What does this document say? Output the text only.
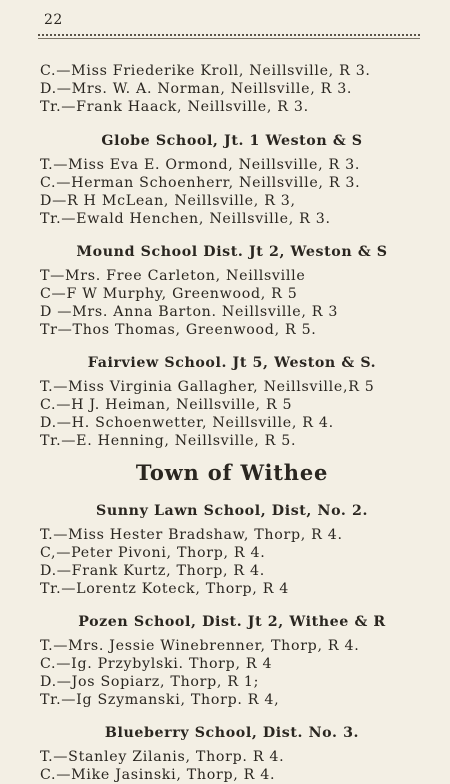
22
C.—Miss Friederike Kroll, Neillsville, R 3.
D.—Mrs. W. A. Norman, Neillsville, R 3.
Tr.—Frank Haack, Neillsville, R 3.
Globe School, Jt. 1 Weston & S
T.—Miss Eva E. Ormond, Neillsville, R 3.
C.—Herman Schoenherr, Neillsville, R 3.
D—R H McLean, Neillsville, R 3,
Tr.—Ewald Henchen, Neillsville, R 3.
Mound School Dist. Jt 2, Weston & S
T—Mrs. Free Carleton, Neillsville
C—F W Murphy, Greenwood, R 5
D —Mrs. Anna Barton. Neillsville, R 3
Tr—Thos Thomas, Greenwood, R 5.
Fairview School. Jt 5, Weston & S.
T.—Miss Virginia Gallagher, Neillsville,R 5
C.—H J. Heiman, Neillsville, R 5
D.—H. Schoenwetter, Neillsville, R 4.
Tr.—E. Henning, Neillsville, R 5.
Town of Withee
Sunny Lawn School, Dist, No. 2.
T.—Miss Hester Bradshaw, Thorp, R 4.
C,—Peter Pivoni, Thorp, R 4.
D.—Frank Kurtz, Thorp, R 4.
Tr.—Lorentz Koteck, Thorp, R 4
Pozen School, Dist. Jt 2, Withee & R
T.—Mrs. Jessie Winebrenner, Thorp, R 4.
C.—Ig. Przybylski. Thorp, R 4
D.—Jos Sopiarz, Thorp, R 1;
Tr.—Ig Szymanski, Thorp. R 4,
Blueberry School, Dist. No. 3.
T.—Stanley Zilanis, Thorp. R 4.
C.—Mike Jasinski, Thorp, R 4.
